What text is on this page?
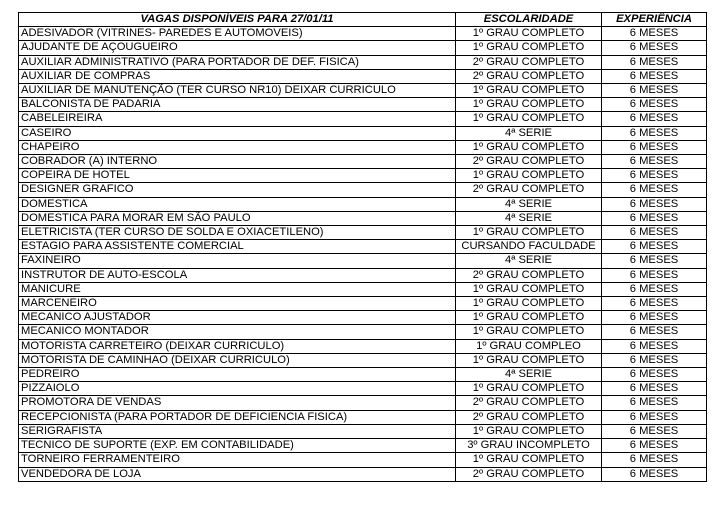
VAGAS DISPONÍVEIS PARA 27/01/11	ESCOLARIDADE	EXPERIÊNCIA
ADESIVADOR (VITRINES- PAREDES E AUTOMOVEIS)	1º GRAU COMPLETO	6 MESES
AJUDANTE DE AÇOUGUEIRO	1º GRAU COMPLETO	6 MESES
AUXILIAR ADMINISTRATIVO (PARA PORTADOR DE DEF. FISICA)	2º GRAU COMPLETO	6 MESES
AUXILIAR DE COMPRAS	2º GRAU COMPLETO	6 MESES
AUXILIAR DE MANUTENÇÃO (TER CURSO NR10) DEIXAR CURRICULO	1º GRAU COMPLETO	6 MESES
BALCONISTA DE PADARIA	1º GRAU COMPLETO	6 MESES
CABELEIREIRA	1º GRAU COMPLETO	6 MESES
CASEIRO	4ª SERIE	6 MESES
CHAPEIRO	1º GRAU COMPLETO	6 MESES
COBRADOR (A) INTERNO	2º GRAU COMPLETO	6 MESES
COPEIRA DE HOTEL	1º GRAU COMPLETO	6 MESES
DESIGNER GRAFICO	2º GRAU COMPLETO	6 MESES
DOMESTICA	4ª SERIE	6 MESES
DOMESTICA PARA MORAR EM SÃO PAULO	4ª SERIE	6 MESES
ELETRICISTA (TER CURSO DE SOLDA E OXIACETILENO)	1º GRAU COMPLETO	6 MESES
ESTAGIO PARA ASSISTENTE COMERCIAL	CURSANDO FACULDADE	6 MESES
FAXINEIRO	4ª SERIE	6 MESES
INSTRUTOR DE AUTO-ESCOLA	2º GRAU COMPLETO	6 MESES
MANICURE	1º GRAU COMPLETO	6 MESES
MARCENEIRO	1º GRAU COMPLETO	6 MESES
MECANICO AJUSTADOR	1º GRAU COMPLETO	6 MESES
MECANICO MONTADOR	1º GRAU COMPLETO	6 MESES
MOTORISTA CARRETEIRO (DEIXAR CURRICULO)	1º GRAU COMPLEO	6 MESES
MOTORISTA DE CAMINHAO (DEIXAR CURRICULO)	1º GRAU COMPLETO	6 MESES
PEDREIRO	4ª SERIE	6 MESES
PIZZAIOLO	1º GRAU COMPLETO	6 MESES
PROMOTORA DE VENDAS	2º GRAU COMPLETO	6 MESES
RECEPCIONISTA (PARA PORTADOR DE DEFICIENCIA FISICA)	2º GRAU COMPLETO	6 MESES
SERIGRAFISTA	1º GRAU COMPLETO	6 MESES
TECNICO DE SUPORTE (EXP. EM CONTABILIDADE)	3º GRAU INCOMPLETO	6 MESES
TORNEIRO FERRAMENTEIRO	1º GRAU COMPLETO	6 MESES
VENDEDORA DE LOJA	2º GRAU COMPLETO	6 MESES
